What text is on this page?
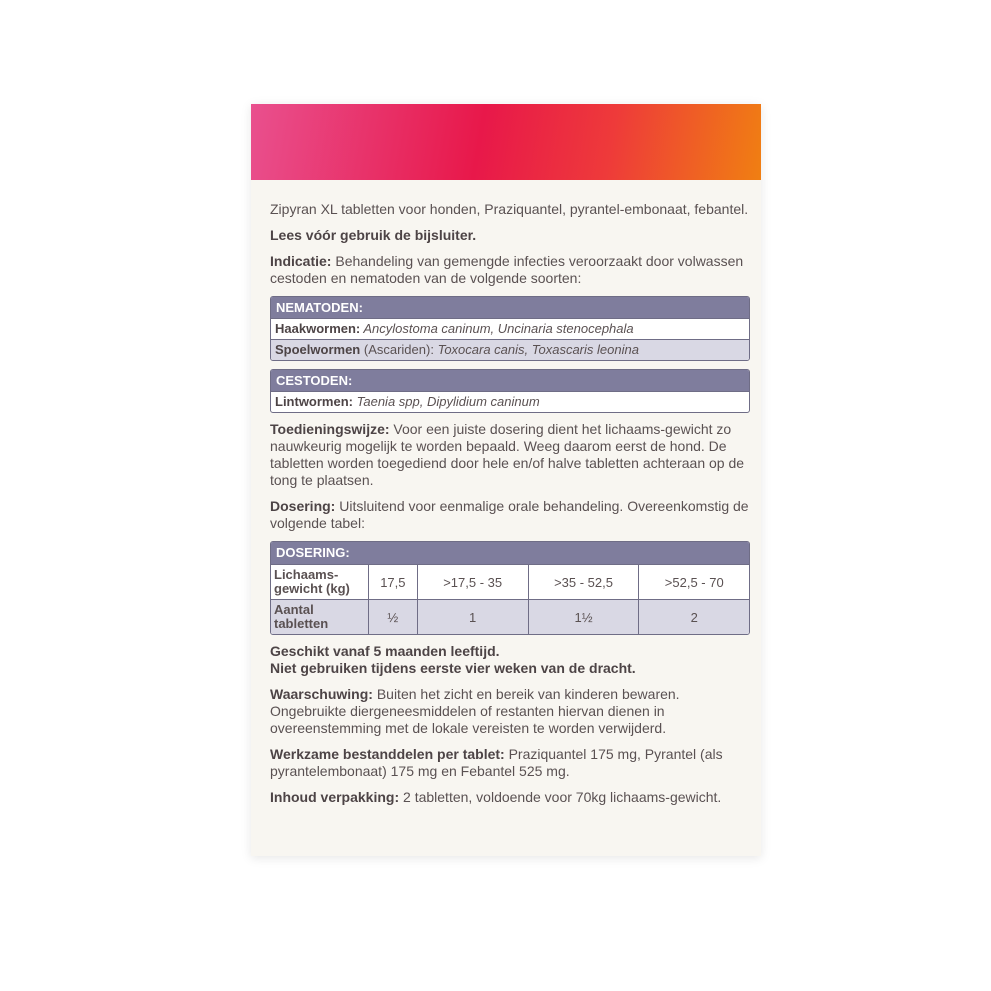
Zipyran XL tabletten voor honden, Praziquantel, pyrantel-embonaat, febantel.

Lees vóór gebruik de bijsluiter.

Indicatie: Behandeling van gemengde infecties veroorzaakt door volwassen cestoden en nematoden van de volgende soorten:

NEMATODEN:
Haakwormen: Ancylostoma caninum, Uncinaria stenocephala
Spoelwormen (Ascariden): Toxocara canis, Toxascaris leonina
CESTODEN:
Lintwormen: Taenia spp, Dipylidium caninum

Toedieningswijze: Voor een juiste dosering dient het lichaams-gewicht zo nauwkeurig mogelijk te worden bepaald. Weeg daarom eerst de hond. De tabletten worden toegediend door hele en/of halve tabletten achteraan op de tong te plaatsen.

Dosering: Uitsluitend voor eenmalige orale behandeling. Overeenkomstig de volgende tabel:

DOSERING:
Lichaams-gewicht (kg)	17,5	>17,5 - 35	>35 - 52,5	>52,5 - 70
Aantal tabletten	½	1	1½	2

Geschikt vanaf 5 maanden leeftijd.
Niet gebruiken tijdens eerste vier weken van de dracht.

Waarschuwing: Buiten het zicht en bereik van kinderen bewaren. Ongebruikte diergeneesmiddelen of restanten hiervan dienen in overeenstemming met de lokale vereisten te worden verwijderd.

Werkzame bestanddelen per tablet: Praziquantel 175 mg, Pyrantel (als pyrantelembonaat) 175 mg en Febantel 525 mg.

Inhoud verpakking: 2 tabletten, voldoende voor 70kg lichaams-gewicht.
